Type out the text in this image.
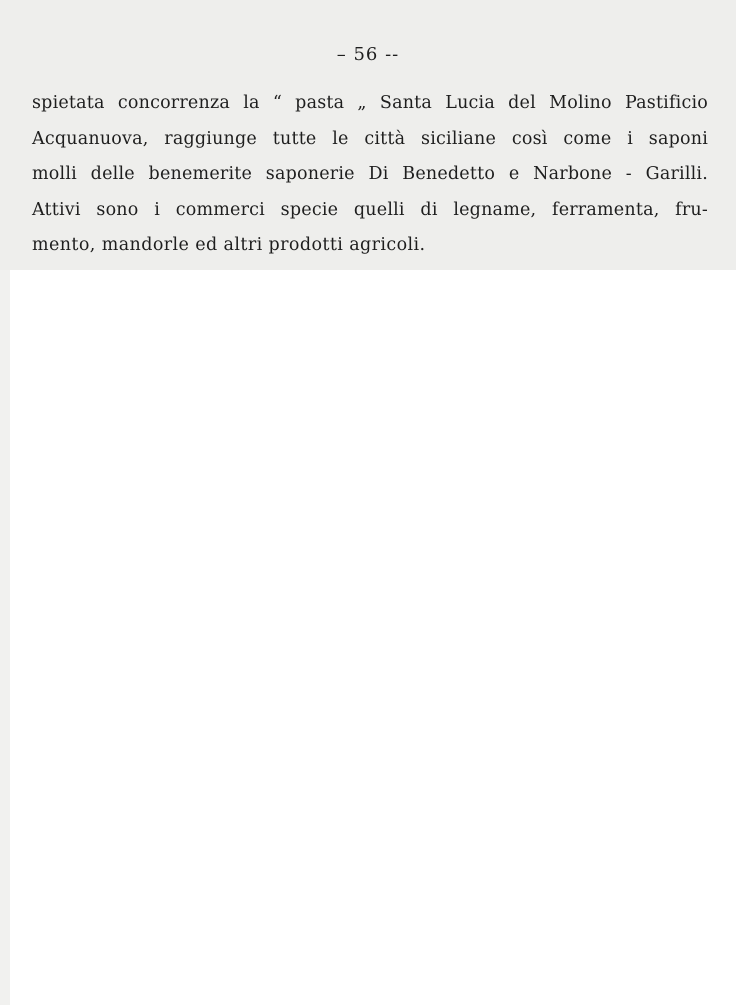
– 56 --

spietata concorrenza la “ pasta „ Santa Lucia del Molino Pastificio
Acquanuova, raggiunge tutte le città siciliane così come i saponi
molli delle benemerite saponerie Di Benedetto e Narbone - Garilli.
Attivi sono i commerci specie quelli di legname, ferramenta, fru-
mento, mandorle ed altri prodotti agricoli.
